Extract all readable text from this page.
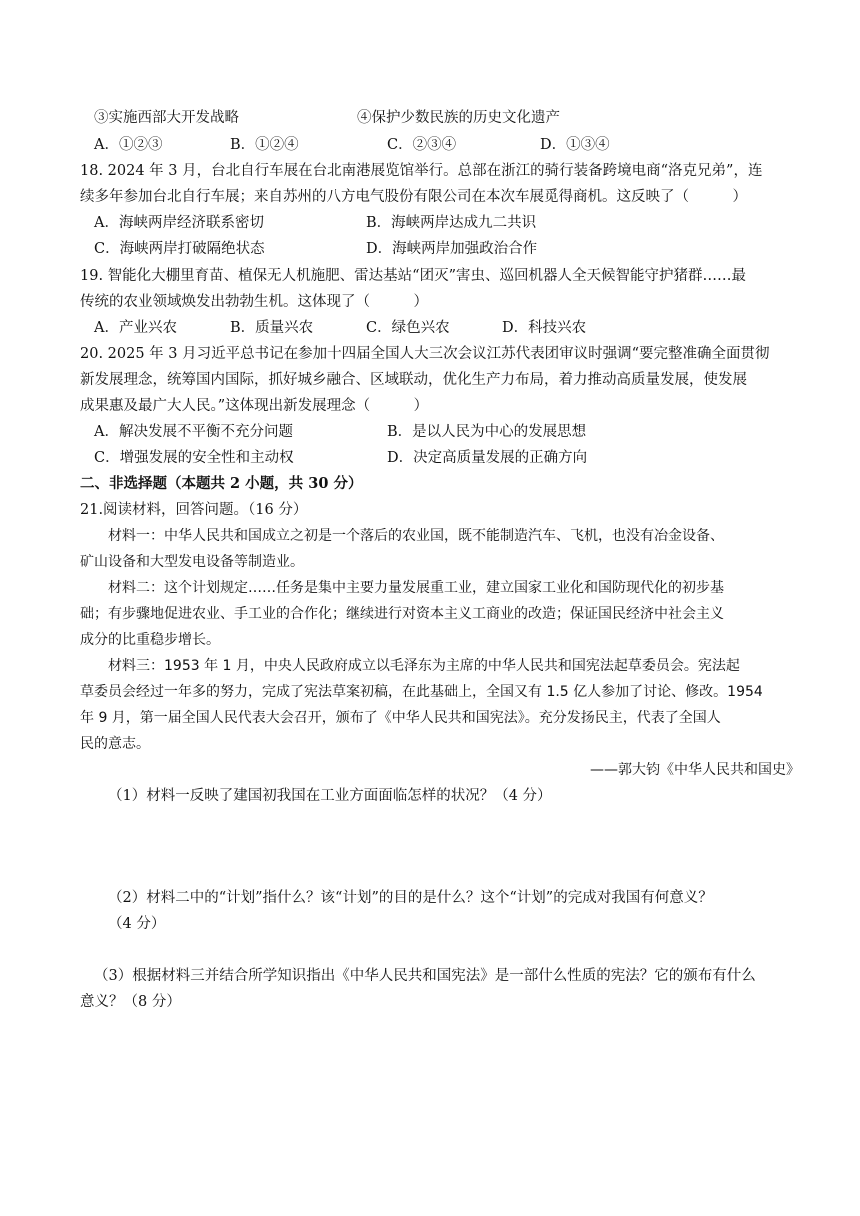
③实施西部大开发战略	④保护少数民族的历史文化遗产
A．①②③	B．①②④	C．②③④	D．①③④
18. 2024 年 3 月，台北自行车展在台北南港展览馆举行。总部在浙江的骑行装备跨境电商“洛克兄弟”，连
续多年参加台北自行车展；来自苏州的八方电气股份有限公司在本次车展觅得商机。这反映了（　　　）
A．海峡两岸经济联系密切	B．海峡两岸达成九二共识
C．海峡两岸打破隔绝状态	D．海峡两岸加强政治合作
19. 智能化大棚里育苗、植保无人机施肥、雷达基站“团灭”害虫、巡回机器人全天候智能守护猪群……最
传统的农业领域焕发出勃勃生机。这体现了（　　　）
A．产业兴农	B．质量兴农	C．绿色兴农	D．科技兴农
20. 2025 年 3 月习近平总书记在参加十四届全国人大三次会议江苏代表团审议时强调“要完整准确全面贯彻
新发展理念，统筹国内国际，抓好城乡融合、区域联动，优化生产力布局，着力推动高质量发展，使发展
成果惠及最广大人民。”这体现出新发展理念（　　　）
A．解决发展不平衡不充分问题	B．是以人民为中心的发展思想
C．增强发展的安全性和主动权	D．决定高质量发展的正确方向
二、非选择题（本题共 2 小题，共 30 分）
21.阅读材料，回答问题。（16 分）
材料一：中华人民共和国成立之初是一个落后的农业国，既不能制造汽车、飞机，也没有冶金设备、
矿山设备和大型发电设备等制造业。
材料二：这个计划规定……任务是集中主要力量发展重工业，建立国家工业化和国防现代化的初步基
础；有步骤地促进农业、手工业的合作化；继续进行对资本主义工商业的改造；保证国民经济中社会主义
成分的比重稳步增长。
材料三：1953 年 1 月，中央人民政府成立以毛泽东为主席的中华人民共和国宪法起草委员会。宪法起
草委员会经过一年多的努力，完成了宪法草案初稿，在此基础上，全国又有 1.5 亿人参加了讨论、修改。1954
年 9 月，第一届全国人民代表大会召开，颁布了《中华人民共和国宪法》。充分发扬民主，代表了全国人
民的意志。
——郭大钧《中华人民共和国史》
（1）材料一反映了建国初我国在工业方面面临怎样的状况？（4 分）
（2）材料二中的“计划”指什么？该“计划”的目的是什么？这个“计划”的完成对我国有何意义？
（4 分）
（3）根据材料三并结合所学知识指出《中华人民共和国宪法》是一部什么性质的宪法？它的颁布有什么
意义？（8 分）
